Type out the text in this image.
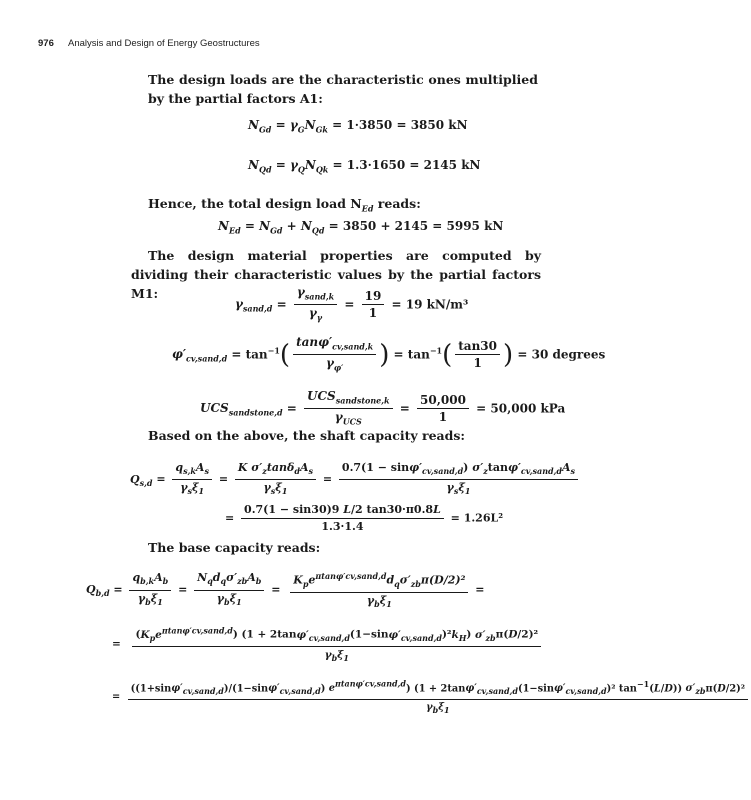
976 Analysis and Design of Energy Geostructures
The design loads are the characteristic ones multiplied by the partial factors A1:
$N_{Gd} = \gamma_GN_{Gk} = 1\cdot 3850 = 3850$ kN
$N_{Qd} = \gamma_QN_{Qk} = 1.3\cdot 1650 = 2145$ kN
Hence, the total design load $N_{Ed}$ reads:
$N_{Ed} = N_{Gd} + N_{Qd} = 3850 + 2145 = 5995$ kN
The design material properties are computed by dividing their characteristic values by the partial factors M1:
$\gamma_{sand,d} = \frac{\gamma_{sand,k}}{\gamma_\gamma} = \frac{19}{1} = 19$ kN/m³
$\varphi'_{cv,sand,d} = \tan^{-1}( \frac{\tan\varphi'_{cv,sand,k}}{\gamma_{\varphi'}}$ ) = $\tan^{-1}( \frac{\tan 30}{1}$ ) = 30 degrees
$UCS_{sandstone,d} = \frac{UCS_{sandstone,k}}{\gamma_{UCS}} = \frac{50,000}{1} = 50,000$ kPa
Based on the above, the shaft capacity reads:
$Q_{s,d} = \frac{q_{s,k}A_s}{\gamma_s\xi_1} = \frac{K \sigma'_z\tan\delta_dA_s}{\gamma_s\xi_1} = \frac{0.7(1 - \sin\varphi'_{cv,sand,d}) \sigma'_z\tan\varphi'_{cv,sand,d}A_s}{\gamma_s\xi_1}$
= $\frac{0.7(1 - \sin 30)9 L/2 \tan 30\cdot\pi 0.8L}{1.3\cdot 1.4} = 1.26L^2$
The base capacity reads:
$Q_{b,d} = \frac{q_{b,k}A_b}{\gamma_b\xi_1} = \frac{N_qd_q\sigma'_{zb}A_b}{\gamma_b\xi_1} = \frac{K_pe^{\pi tan\varphi'cv,sand,d}d_q\sigma'_{zb}\pi(D/2)^2}{\gamma_b\xi_1}$ =
=
$(K_pe^{\pi tan\varphi'cv,sand,d}) (1 + 2\tan\varphi'_{cv,sand,d}(1-\sin\varphi'_{cv,sand,d})^2k_H)$ $\sigma'_{zb}\pi(D/2)^2$
$\gamma_b\xi_1$
=
($(1+\sin\varphi'_{cv,sand,d})/(1-\sin\varphi'_{cv,sand,d})$ $e^{\pi tan\varphi'cv,sand,d}$) ($1 + 2\tan\varphi'_{cv,sand,d}(1-\sin\varphi'_{cv,sand,d})^2$ $\tan^{-1}(L/D)$) $\sigma'_{zb}\pi(D/2)^2$
$\gamma_b\xi_1$
